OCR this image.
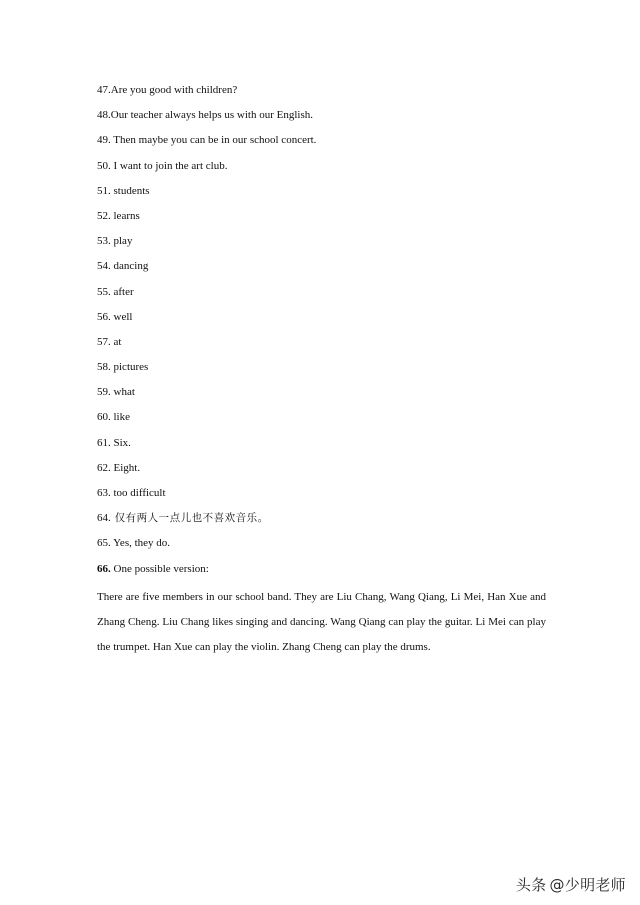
47.Are you good with children?
48.Our teacher always helps us with our English.
49. Then maybe you can be in our school concert.
50. I want to join the art club.
51. students
52. learns
53. play
54. dancing
55. after
56. well
57. at
58. pictures
59. what
60. like
61. Six.
62. Eight.
63. too difficult
64. 仅有两人一点儿也不喜欢音乐。
65. Yes, they do.
66. One possible version:

There are five members in our school band. They are Liu Chang, Wang Qiang, Li Mei, Han Xue and Zhang Cheng. Liu Chang likes singing and dancing. Wang Qiang can play the guitar. Li Mei can play the trumpet. Han Xue can play the violin. Zhang Cheng can play the drums.

头条 @少明老师
